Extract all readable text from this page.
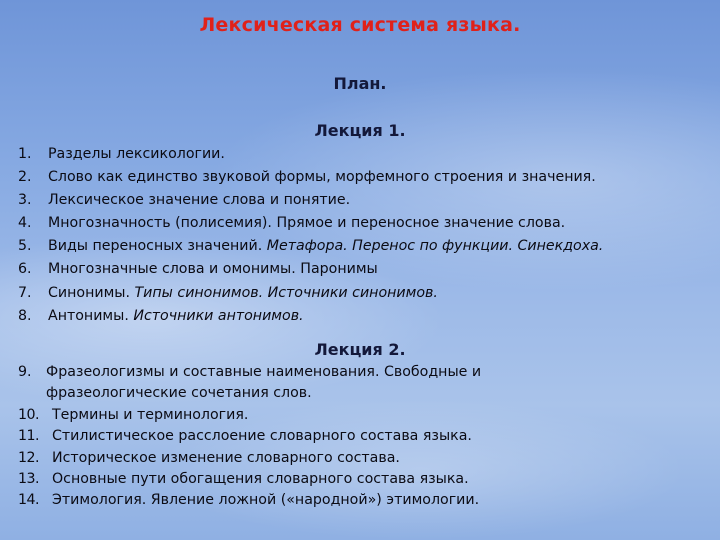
Лексическая система языка.
План.
Лекция 1.
1.	Разделы лексикологии.
2.	Слово как единство звуковой формы, морфемного строения и значения.
3.	Лексическое значение слова и понятие.
4.	Многозначность (полисемия). Прямое и переносное значение слова.
5.	Виды переносных значений. Метафора. Перенос по функции. Синекдоха.
6.	Многозначные слова и омонимы. Паронимы
7.	Синонимы. Типы синонимов. Источники синонимов.
8.	Антонимы. Источники антонимов.
Лекция 2.
9.	Фразеологизмы и составные наименования. Свободные и фразеологические сочетания слов.
10. Термины и терминология.
11. Стилистическое расслоение словарного состава языка.
12. Историческое изменение словарного состава.
13. Основные пути обогащения словарного состава языка.
14. Этимология. Явление ложной («народной») этимологии.
